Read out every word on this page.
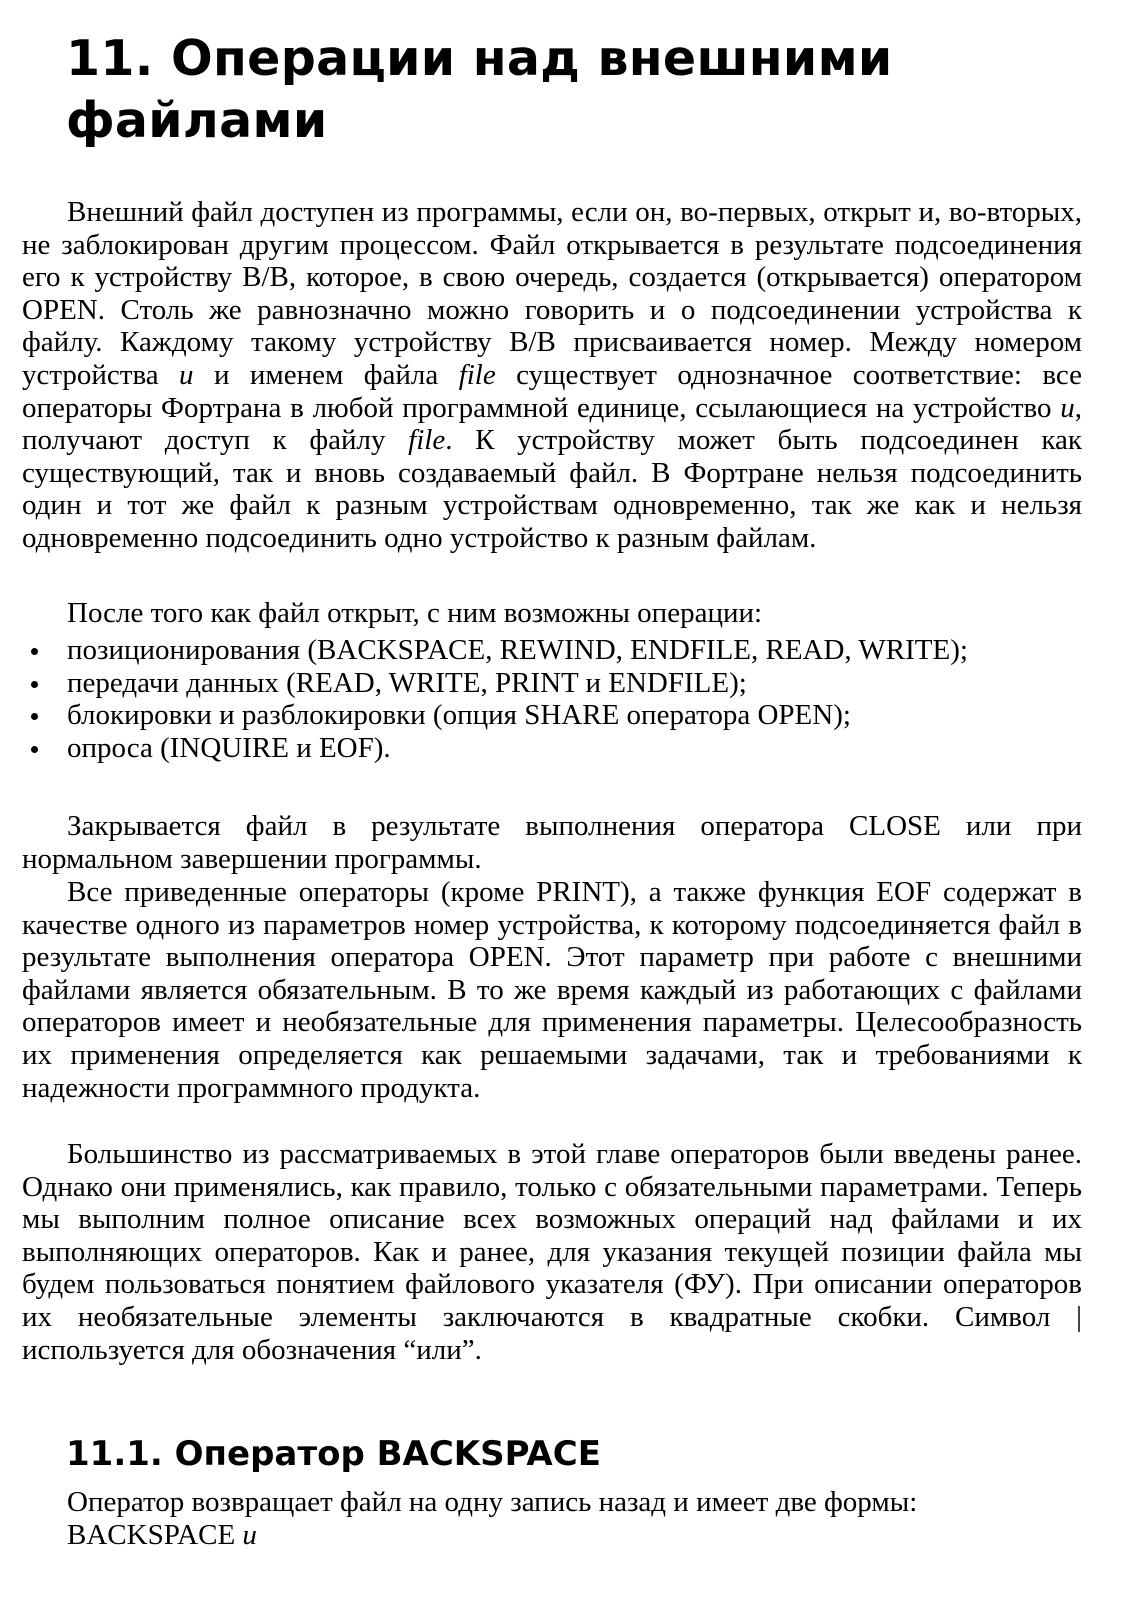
11. Операции над внешними
файлами

Внешний файл доступен из программы, если он, во-первых, открыт и, во-вторых, не заблокирован другим процессом. Файл открывается в результате подсоединения его к устройству В/В, которое, в свою очередь, создается (открывается) оператором OPEN. Столь же равнозначно можно говорить и о подсоединении устройства к файлу. Каждому такому устройству В/В присваивается номер. Между номером устройства u и именем файла file существует однозначное соответствие: все операторы Фортрана в любой программной единице, ссылающиеся на устройство u, получают доступ к файлу file. К устройству может быть подсоединен как существующий, так и вновь создаваемый файл. В Фортране нельзя подсоединить один и тот же файл к разным устройствам одновременно, так же как и нельзя одновременно подсоединить одно устройство к разным файлам.

После того как файл открыт, с ним возможны операции:

позиционирования (BACKSPACE, REWIND, ENDFILE, READ, WRITE);
передачи данных (READ, WRITE, PRINT и ENDFILE);
блокировки и разблокировки (опция SHARE оператора OPEN);
опроса (INQUIRE и EOF).

Закрывается файл в результате выполнения оператора CLOSE или при нормальном завершении программы.

Все приведенные операторы (кроме PRINT), а также функция EOF содержат в качестве одного из параметров номер устройства, к которому подсоединяется файл в результате выполнения оператора OPEN. Этот параметр при работе с внешними файлами является обязательным. В то же время каждый из работающих с файлами операторов имеет и необязательные для применения параметры. Целесообразность их применения определяется как решаемыми задачами, так и требованиями к надежности программного продукта.

Большинство из рассматриваемых в этой главе операторов были введены ранее. Однако они применялись, как правило, только с обязательными параметрами. Теперь мы выполним полное описание всех возможных операций над файлами и их выполняющих операторов. Как и ранее, для указания текущей позиции файла мы будем пользоваться понятием файлового указателя (ФУ). При описании операторов их необязательные элементы заключаются в квадратные скобки. Символ | используется для обозначения “или”.

11.1. Оператор BACKSPACE

Оператор возвращает файл на одну запись назад и имеет две формы:

BACKSPACE u
